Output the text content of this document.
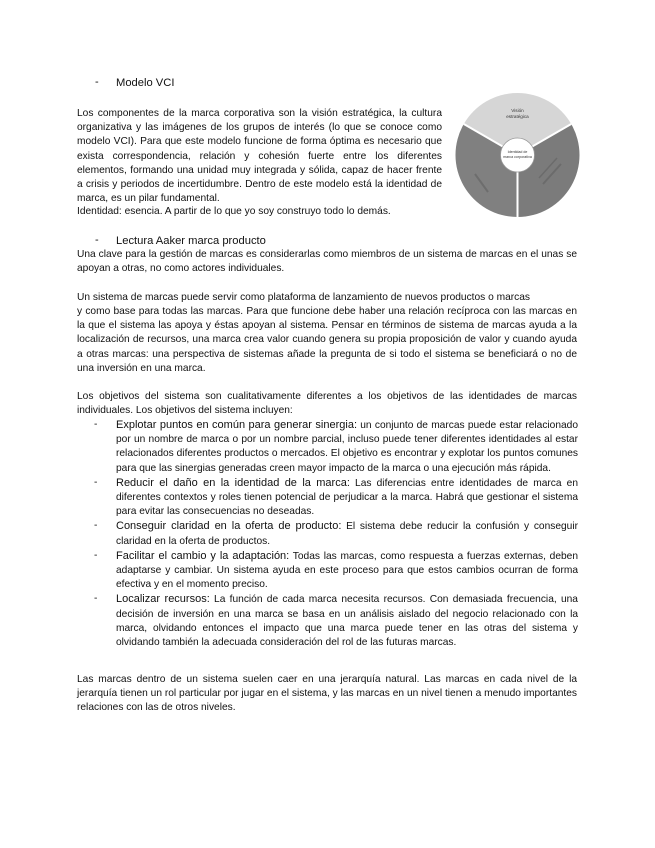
- Modelo VCI
Los componentes de la marca corporativa son la visión estratégica, la cultura organizativa y las imágenes de los grupos de interés (lo que se conoce como modelo VCI). Para que este modelo funcione de forma óptima es necesario que exista correspondencia, relación y cohesión fuerte entre los diferentes elementos, formando una unidad muy integrada y sólida, capaz de hacer frente a crisis y periodos de incertidumbre. Dentro de este modelo está la identidad de marca, es un pilar fundamental.
Identidad: esencia. A partir de lo que yo soy construyo todo lo demás.
Visión
estratégica
Identidad de
marca corporativa
- Lectura Aaker marca producto
Una clave para la gestión de marcas es considerarlas como miembros de un sistema de marcas en el unas se apoyan a otras, no como actores individuales.
Un sistema de marcas puede servir como plataforma de lanzamiento de nuevos productos o marcas
y como base para todas las marcas. Para que funcione debe haber una relación recíproca con las marcas en la que el sistema las apoya y éstas apoyan al sistema. Pensar en términos de sistema de marcas ayuda a la localización de recursos, una marca crea valor cuando genera su propia proposición de valor y cuando ayuda a otras marcas: una perspectiva de sistemas añade la pregunta de si todo el sistema se beneficiará o no de una inversión en una marca.
Los objetivos del sistema son cualitativamente diferentes a los objetivos de las identidades de marcas individuales. Los objetivos del sistema incluyen:
- Explotar puntos en común para generar sinergia: un conjunto de marcas puede estar relacionado por un nombre de marca o por un nombre parcial, incluso puede tener diferentes identidades al estar relacionados diferentes productos o mercados. El objetivo es encontrar y explotar los puntos comunes para que las sinergias generadas creen mayor impacto de la marca o una ejecución más rápida.
- Reducir el daño en la identidad de la marca: Las diferencias entre identidades de marca en diferentes contextos y roles tienen potencial de perjudicar a la marca. Habrá que gestionar el sistema para evitar las consecuencias no deseadas.
- Conseguir claridad en la oferta de producto: El sistema debe reducir la confusión y conseguir claridad en la oferta de productos.
- Facilitar el cambio y la adaptación: Todas las marcas, como respuesta a fuerzas externas, deben adaptarse y cambiar. Un sistema ayuda en este proceso para que estos cambios ocurran de forma efectiva y en el momento preciso.
- Localizar recursos: La función de cada marca necesita recursos. Con demasiada frecuencia, una decisión de inversión en una marca se basa en un análisis aislado del negocio relacionado con la marca, olvidando entonces el impacto que una marca puede tener en las otras del sistema y olvidando también la adecuada consideración del rol de las futuras marcas.
Las marcas dentro de un sistema suelen caer en una jerarquía natural. Las marcas en cada nivel de la jerarquía tienen un rol particular por jugar en el sistema, y las marcas en un nivel tienen a menudo importantes relaciones con las de otros niveles.
